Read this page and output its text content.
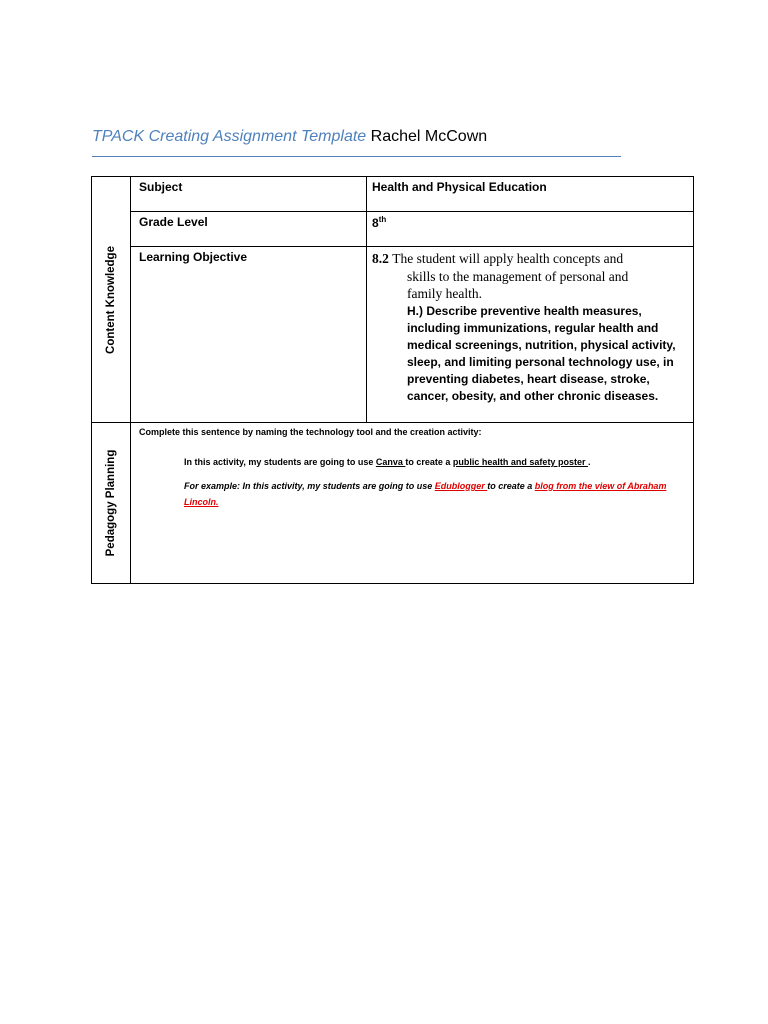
TPACK Creating Assignment Template Rachel McCown
Content Knowledge	Subject	Health and Physical Education
	Grade Level	8th
	Learning Objective	8.2 The student will apply health concepts and
skills to the management of personal and
family health.
H.) Describe preventive health measures, including immunizations, regular health and medical screenings, nutrition, physical activity, sleep, and limiting personal technology use, in preventing diabetes, heart disease, stroke, cancer, obesity, and other chronic diseases.

Pedagogy Planning	Complete this sentence by naming the technology tool and the creation activity:
In this activity, my students are going to use Canva to create a public health and safety poster .
For example: In this activity, my students are going to use Edublogger to create a blog from the view of Abraham Lincoln.	
